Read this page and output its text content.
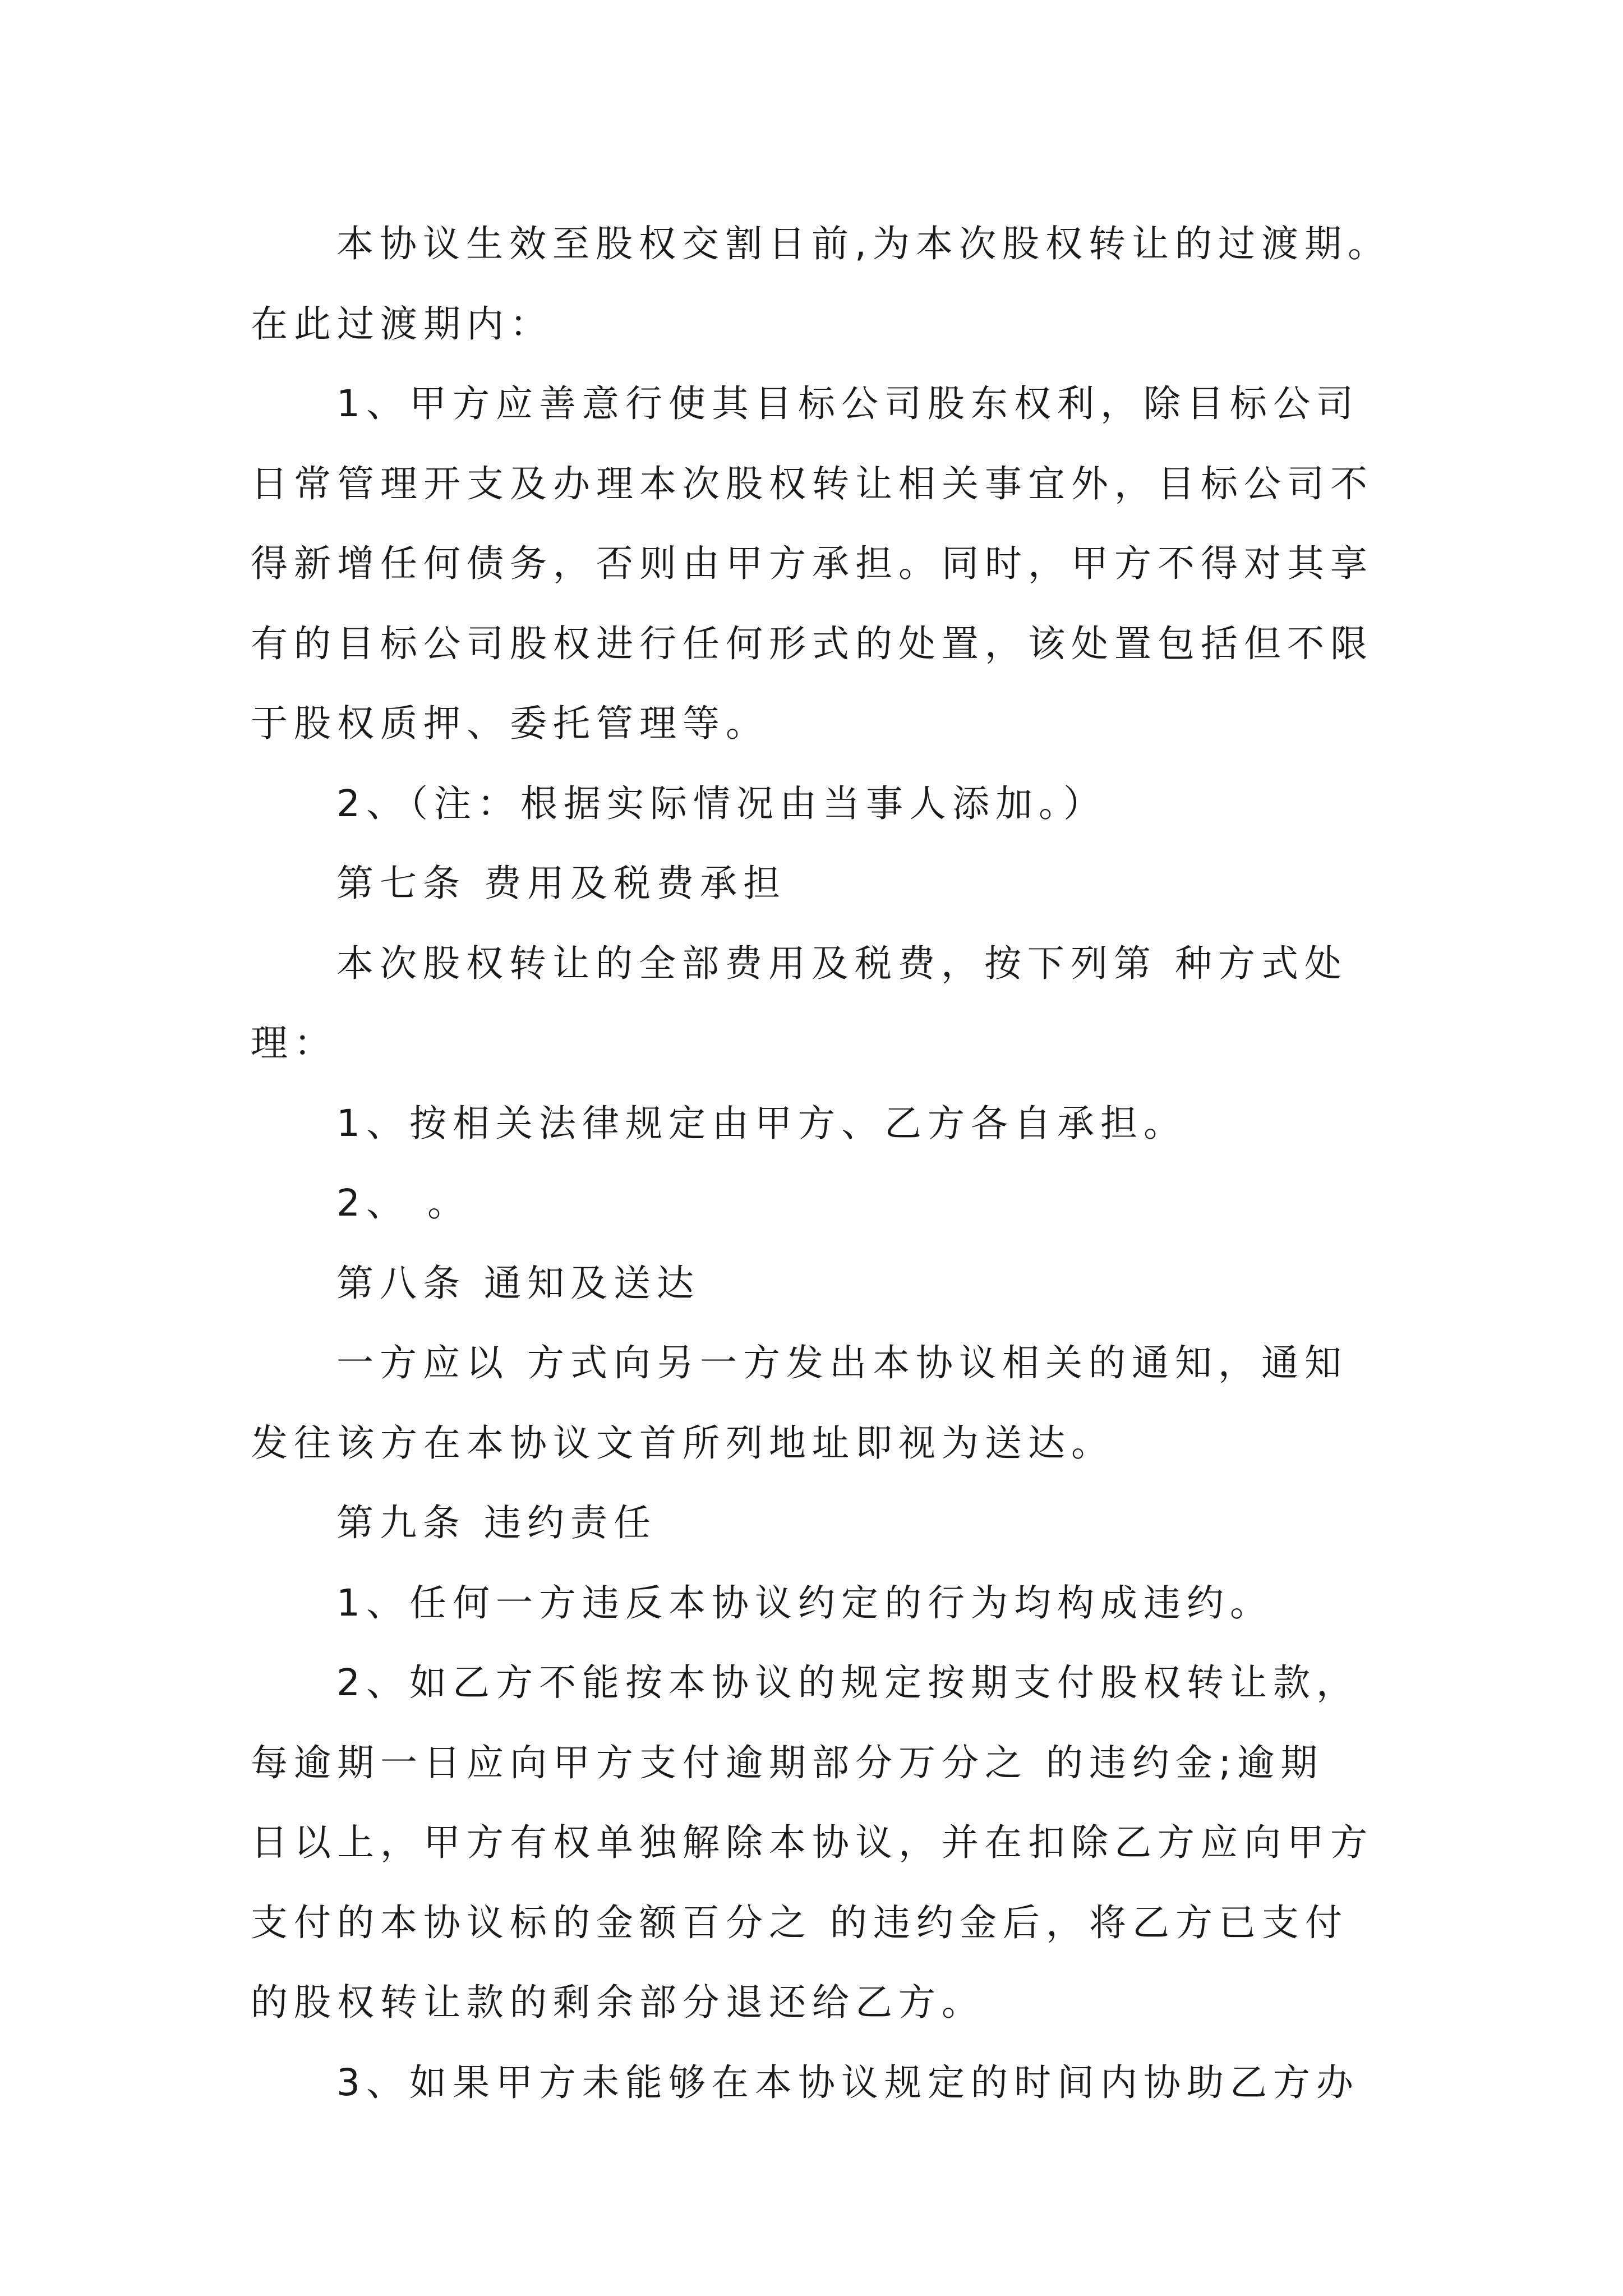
本协议生效至股权交割日前,为本次股权转让的过渡期。

在此过渡期内：

1、甲方应善意行使其目标公司股东权利，除目标公司

日常管理开支及办理本次股权转让相关事宜外，目标公司不

得新增任何债务，否则由甲方承担。同时，甲方不得对其享

有的目标公司股权进行任何形式的处置，该处置包括但不限

于股权质押、委托管理等。

2、（注：根据实际情况由当事人添加。）

第七条 费用及税费承担

本次股权转让的全部费用及税费，按下列第 种方式处

理：

1、按相关法律规定由甲方、乙方各自承担。

2、 。

第八条 通知及送达

一方应以 方式向另一方发出本协议相关的通知，通知

发往该方在本协议文首所列地址即视为送达。

第九条 违约责任

1、任何一方违反本协议约定的行为均构成违约。

2、如乙方不能按本协议的规定按期支付股权转让款，

每逾期一日应向甲方支付逾期部分万分之 的违约金;逾期

日以上，甲方有权单独解除本协议，并在扣除乙方应向甲方

支付的本协议标的金额百分之 的违约金后，将乙方已支付

的股权转让款的剩余部分退还给乙方。

3、如果甲方未能够在本协议规定的时间内协助乙方办
